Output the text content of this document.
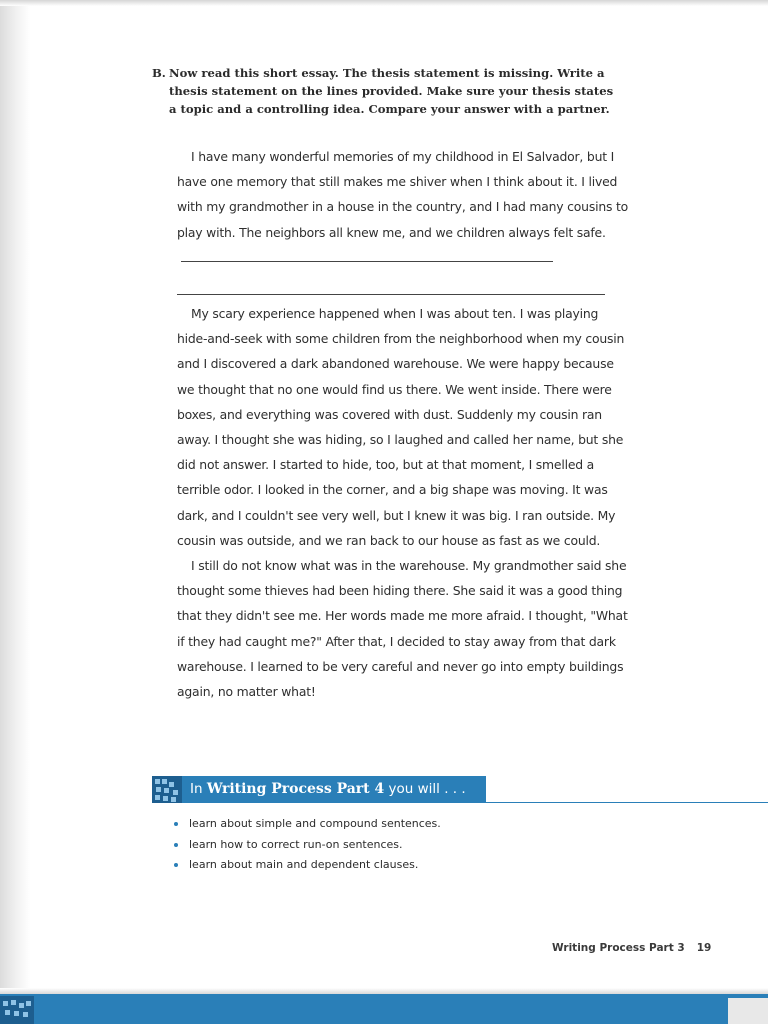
B. Now read this short essay. The thesis statement is missing. Write a thesis statement on the lines provided. Make sure your thesis states a topic and a controlling idea. Compare your answer with a partner.

I have many wonderful memories of my childhood in El Salvador, but I have one memory that still makes me shiver when I think about it. I lived with my grandmother in a house in the country, and I had many cousins to play with. The neighbors all knew me, and we children always felt safe.

My scary experience happened when I was about ten. I was playing hide-and-seek with some children from the neighborhood when my cousin and I discovered a dark abandoned warehouse. We were happy because we thought that no one would find us there. We went inside. There were boxes, and everything was covered with dust. Suddenly my cousin ran away. I thought she was hiding, so I laughed and called her name, but she did not answer. I started to hide, too, but at that moment, I smelled a terrible odor. I looked in the corner, and a big shape was moving. It was dark, and I couldn't see very well, but I knew it was big. I ran outside. My cousin was outside, and we ran back to our house as fast as we could.

I still do not know what was in the warehouse. My grandmother said she thought some thieves had been hiding there. She said it was a good thing that they didn't see me. Her words made me more afraid. I thought, "What if they had caught me?" After that, I decided to stay away from that dark warehouse. I learned to be very careful and never go into empty buildings again, no matter what!

In Writing Process Part 4 you will . . .
learn about simple and compound sentences.
learn how to correct run-on sentences.
learn about main and dependent clauses.
Writing Process Part 3 19
